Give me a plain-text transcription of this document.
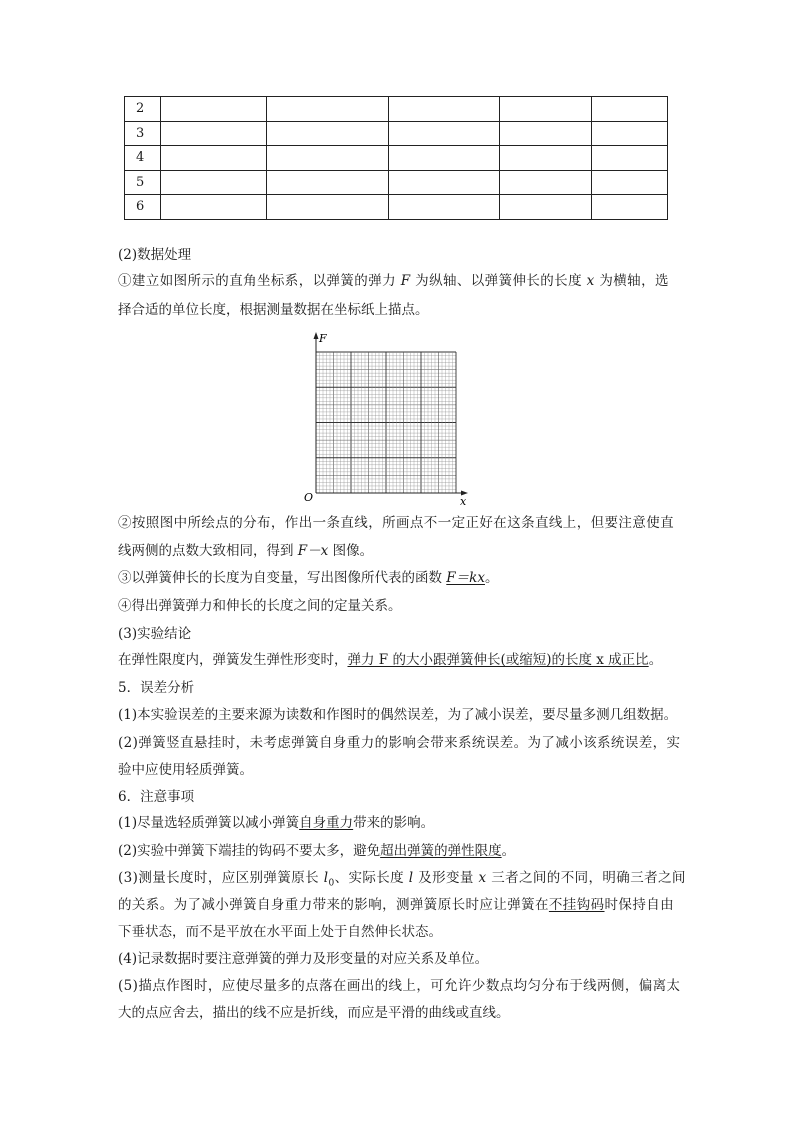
2					
3					
4					
5					
6					
(2)数据处理
①建立如图所示的直角坐标系，以弹簧的弹力 F 为纵轴、以弹簧伸长的长度 x 为横轴，选
择合适的单位长度，根据测量数据在坐标纸上描点。
F
x
O
②按照图中所绘点的分布，作出一条直线，所画点不一定正好在这条直线上，但要注意使直
线两侧的点数大致相同，得到 F－x 图像。
③以弹簧伸长的长度为自变量，写出图像所代表的函数 F＝kx。
④得出弹簧弹力和伸长的长度之间的定量关系。
(3)实验结论
在弹性限度内，弹簧发生弹性形变时，弹力 F 的大小跟弹簧伸长(或缩短)的长度 x 成正比。
5．误差分析
(1)本实验误差的主要来源为读数和作图时的偶然误差，为了减小误差，要尽量多测几组数据。
(2)弹簧竖直悬挂时，未考虑弹簧自身重力的影响会带来系统误差。为了减小该系统误差，实
验中应使用轻质弹簧。
6．注意事项
(1)尽量选轻质弹簧以减小弹簧自身重力带来的影响。
(2)实验中弹簧下端挂的钩码不要太多，避免超出弹簧的弹性限度。
(3)测量长度时，应区别弹簧原长 $l_0$、实际长度 l 及形变量 x 三者之间的不同，明确三者之间
的关系。为了减小弹簧自身重力带来的影响，测弹簧原长时应让弹簧在不挂钩码时保持自由
下垂状态，而不是平放在水平面上处于自然伸长状态。
(4)记录数据时要注意弹簧的弹力及形变量的对应关系及单位。
(5)描点作图时，应使尽量多的点落在画出的线上，可允许少数点均匀分布于线两侧，偏离太
大的点应舍去，描出的线不应是折线，而应是平滑的曲线或直线。
